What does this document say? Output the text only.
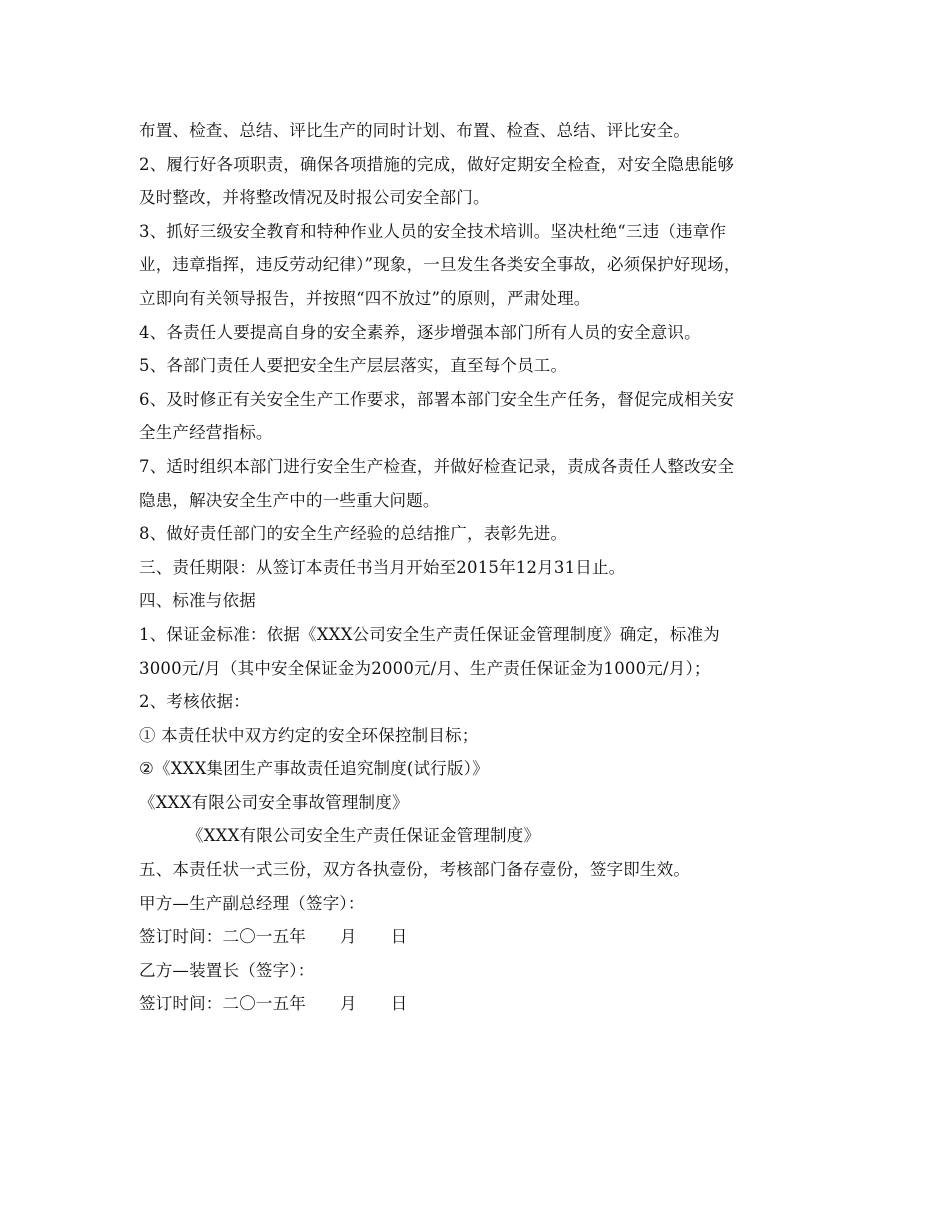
布置、检查、总结、评比生产的同时计划、布置、检查、总结、评比安全。
2、履行好各项职责，确保各项措施的完成，做好定期安全检查，对安全隐患能够
及时整改，并将整改情况及时报公司安全部门。
3、抓好三级安全教育和特种作业人员的安全技术培训。坚决杜绝“三违（违章作
业，违章指挥，违反劳动纪律）”现象，一旦发生各类安全事故，必须保护好现场，
立即向有关领导报告，并按照“四不放过”的原则，严肃处理。
4、各责任人要提高自身的安全素养，逐步增强本部门所有人员的安全意识。
5、各部门责任人要把安全生产层层落实，直至每个员工。
6、及时修正有关安全生产工作要求，部署本部门安全生产任务，督促完成相关安
全生产经营指标。
7、适时组织本部门进行安全生产检查，并做好检查记录，责成各责任人整改安全
隐患，解决安全生产中的一些重大问题。
8、做好责任部门的安全生产经验的总结推广，表彰先进。
三、责任期限：从签订本责任书当月开始至2015年12月31日止。
四、标准与依据
1、保证金标准：依据《XXX公司安全生产责任保证金管理制度》确定，标准为
3000元/月（其中安全保证金为2000元/月、生产责任保证金为1000元/月）；
2、考核依据：
① 本责任状中双方约定的安全环保控制目标；
②《XXX集团生产事故责任追究制度(试行版）》
《XXX有限公司安全事故管理制度》
《XXX有限公司安全生产责任保证金管理制度》
五、本责任状一式三份，双方各执壹份，考核部门备存壹份，签字即生效。
甲方—生产副总经理（签字）：
签订时间：二〇一五年 月 日
乙方—装置长（签字）：
签订时间：二〇一五年 月 日
